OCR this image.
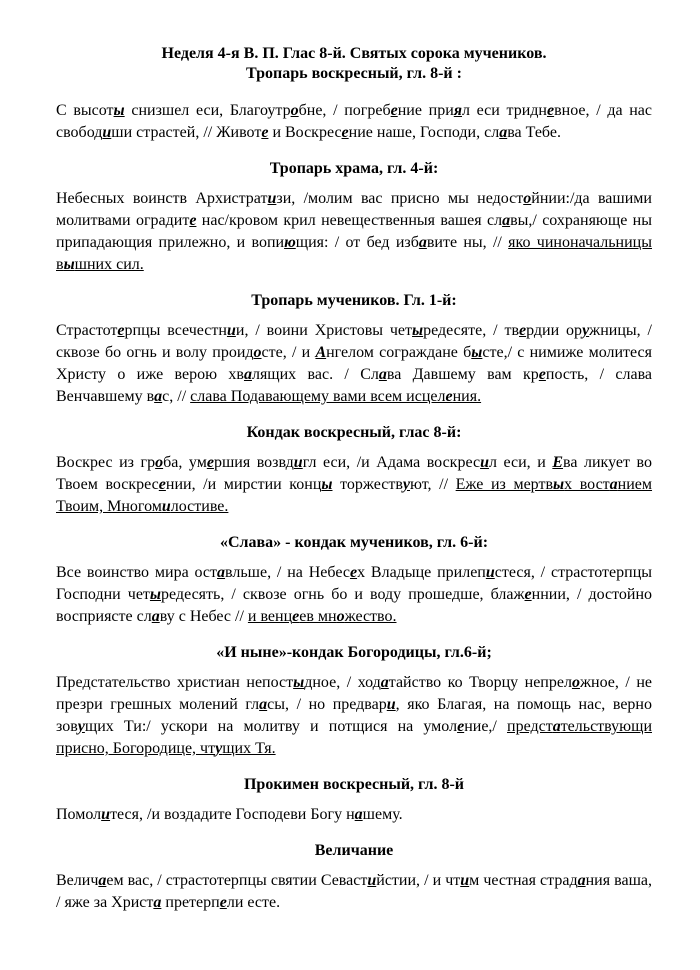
Неделя 4-я В. П. Глас 8-й. Святых сорока мучеников.
Тропарь воскресный, гл. 8-й :

С высоты снизшел еси, Благоутробне, / погребение приял еси тридневное, / да нас свободиши страстей, // Животе и Воскресение наше, Господи, слава Тебе.

Тропарь храма, гл. 4-й:

Небесных воинств Архистратизи, /молим вас присно мы недостойнии:/да вашими молитвами оградите нас/кровом крил невещественныя вашея славы,/ сохраняюще ны припадающия прилежно, и вопиющия: / от бед избавите ны, // яко чиноначальницы вышних сил.

Тропарь мучеников. Гл. 1-й:

Страстотерпцы всечестнии, / воини Христовы четыредесяте, / твердии оружницы, / сквозе бо огнь и волу проидосте, / и Ангелом сограждане бысте,/ с нимиже молитеся Христу о иже верою хвалящих вас. / Слава Давшему вам крепость, / слава Венчавшему вас, // слава Подавающему вами всем исцеления.

Кондак воскресный, глас 8-й:

Воскрес из гроба, умершия возвдигл еси, /и Адама воскресил еси, и Ева ликует во Твоем воскресении, /и мирстии концы торжествуют, // Еже из мертвых востанием Твоим, Многомилостиве.

«Слава» - кондак мучеников, гл. 6-й:

Все воинство мира оставльше, / на Небесех Владыце прилепистеся, / страстотерпцы Господни четыредесять, / сквозе огнь бо и воду прошедше, блаженнии, / достойно восприясте славу с Небес // и венцеев множество.

«И ныне»-кондак Богородицы, гл.6-й;

Предстательство христиан непостыдное, / ходатайство ко Творцу непреложное, / не презри грешных молений гласы, / но предвари, яко Благая, на помощь нас, верно зовущих Ти:/ ускори на молитву и потщися на умоление,/ предстательствующи присно, Богородице, чтущих Тя.

Прокимен воскресный, гл. 8-й

Помолитеся, /и воздадите Господеви Богу нашему.

Величание

Величаем вас, / страстотерпцы святии Севастийстии, / и чтим честная страдания ваша, / яже за Христа претерпели есте.
